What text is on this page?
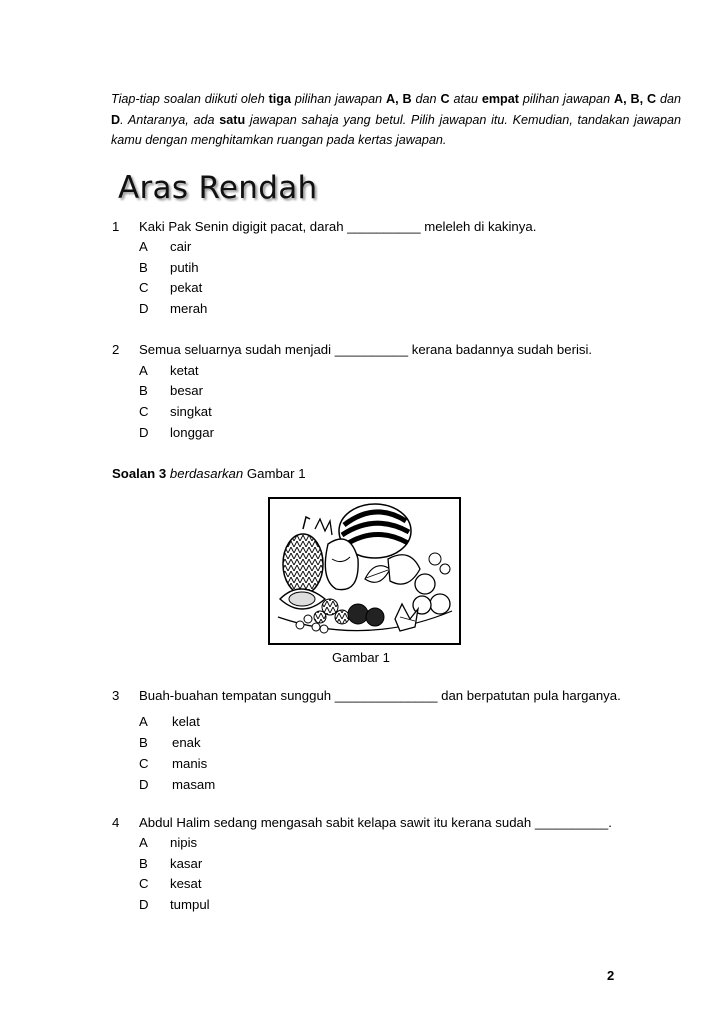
Tiap-tiap soalan diikuti oleh tiga pilihan jawapan A, B dan C atau empat pilihan jawapan A, B, C dan D. Antaranya, ada satu jawapan sahaja yang betul. Pilih jawapan itu. Kemudian, tandakan jawapan kamu dengan menghitamkan ruangan pada kertas jawapan.
Aras Rendah
1 Kaki Pak Senin digigit pacat, darah __________ meleleh di kakinya.
A cair
B putih
C pekat
D merah
2 Semua seluarnya sudah menjadi __________ kerana badannya sudah berisi.
A ketat
B besar
C singkat
D longgar
Soalan 3 berdasarkan Gambar 1
Gambar 1
3 Buah-buahan tempatan sungguh ______________ dan berpatutan pula harganya.
A kelat
B enak
C manis
D masam
4 Abdul Halim sedang mengasah sabit kelapa sawit itu kerana sudah __________.
A nipis
B kasar
C kesat
D tumpul
2
